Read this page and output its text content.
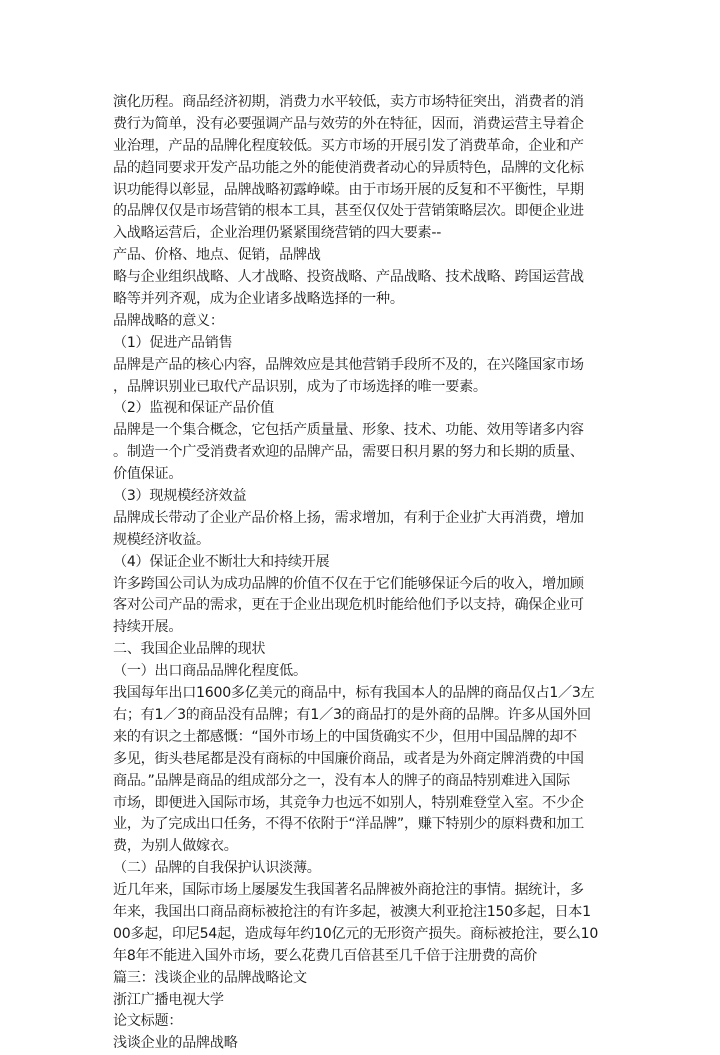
演化历程。商品经济初期，消费力水平较低，卖方市场特征突出，消费者的消
费行为简单，没有必要强调产品与效劳的外在特征，因而，消费运营主导着企
业治理，产品的品牌化程度较低。买方市场的开展引发了消费革命，企业和产
品的趋同要求开发产品功能之外的能使消费者动心的异质特色，品牌的文化标
识功能得以彰显，品牌战略初露峥嵘。由于市场开展的反复和不平衡性，早期
的品牌仅仅是市场营销的根本工具，甚至仅仅处于营销策略层次。即便企业进
入战略运营后，企业治理仍紧紧围绕营销的四大要素--
产品、价格、地点、促销，品牌战
略与企业组织战略、人才战略、投资战略、产品战略、技术战略、跨国运营战
略等并列齐观，成为企业诸多战略选择的一种。
品牌战略的意义：
（1）促进产品销售
品牌是产品的核心内容，品牌效应是其他营销手段所不及的，在兴隆国家市场
，品牌识别业已取代产品识别，成为了市场选择的唯一要素。
（2）监视和保证产品价值
品牌是一个集合概念，它包括产质量量、形象、技术、功能、效用等诸多内容
。制造一个广受消费者欢迎的品牌产品，需要日积月累的努力和长期的质量、
价值保证。
（3）现规模经济效益
品牌成长带动了企业产品价格上扬，需求增加，有利于企业扩大再消费，增加
规模经济收益。
（4）保证企业不断壮大和持续开展
许多跨国公司认为成功品牌的价值不仅在于它们能够保证今后的收入，增加顾
客对公司产品的需求，更在于企业出现危机时能给他们予以支持，确保企业可
持续开展。
二、我国企业品牌的现状
（一）出口商品品牌化程度低。
我国每年出口1600多亿美元的商品中，标有我国本人的品牌的商品仅占1／3左
右；有1／3的商品没有品牌；有1／3的商品打的是外商的品牌。许多从国外回
来的有识之土都感慨：“国外市场上的中国货确实不少，但用中国品牌的却不
多见，街头巷尾都是没有商标的中国廉价商品，或者是为外商定牌消费的中国
商品。”品牌是商品的组成部分之一，没有本人的牌子的商品特别难进入国际
市场，即便进入国际市场，其竞争力也远不如别人，特别难登堂入室。不少企
业，为了完成出口任务，不得不依附于“洋品牌”，赚下特别少的原料费和加工
费，为别人做嫁衣。
（二）品牌的自我保护认识淡薄。
近几年来，国际市场上屡屡发生我国著名品牌被外商抢注的事情。据统计，多
年来，我国出口商品商标被抢注的有许多起，被澳大利亚抢注150多起，日本1
00多起，印尼54起，造成每年约10亿元的无形资产损失。商标被抢注，要么10
年8年不能进入国外市场，要么花费几百倍甚至几千倍于注册费的高价
篇三：浅谈企业的品牌战略论文
浙江广播电视大学
论文标题：
浅谈企业的品牌战略
